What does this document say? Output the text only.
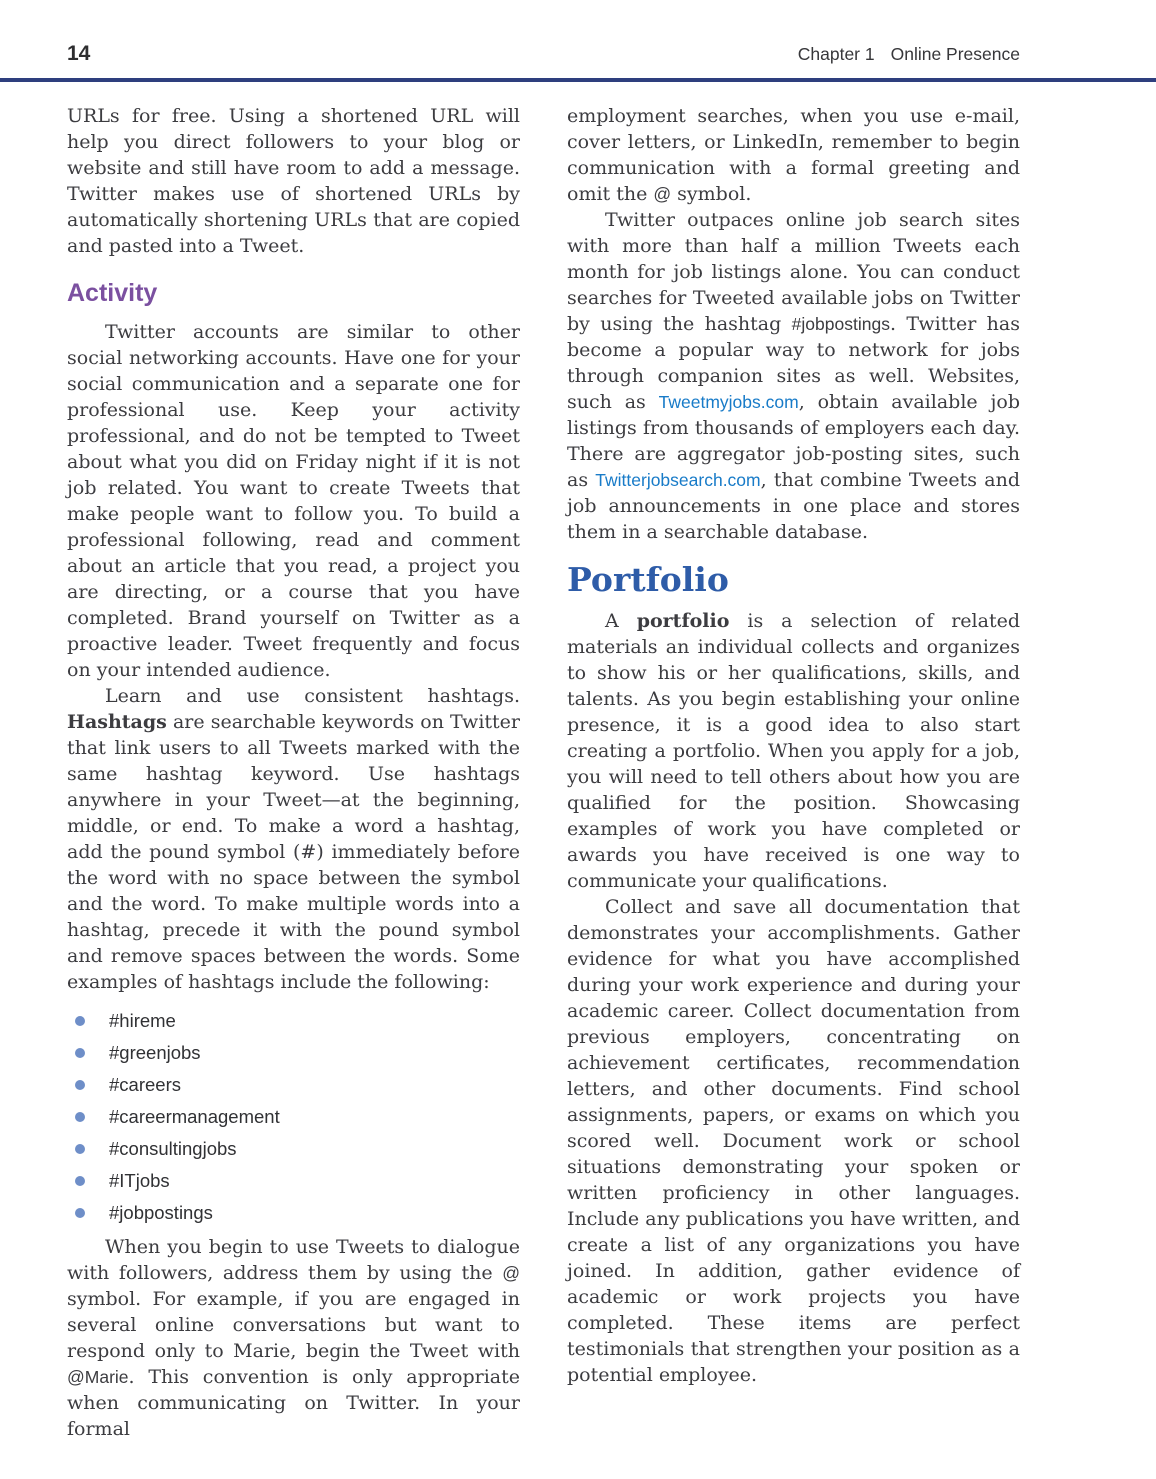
14	Chapter 1 Online Presence

URLs for free. Using a shortened URL will help you direct followers to your blog or website and still have room to add a message. Twitter makes use of shortened URLs by automatically shortening URLs that are copied and pasted into a Tweet.

Activity

Twitter accounts are similar to other social networking accounts. Have one for your social communication and a separate one for professional use. Keep your activity professional, and do not be tempted to Tweet about what you did on Friday night if it is not job related. You want to create Tweets that make people want to follow you. To build a professional following, read and comment about an article that you read, a project you are directing, or a course that you have completed. Brand yourself on Twitter as a proactive leader. Tweet frequently and focus on your intended audience.

Learn and use consistent hashtags. Hashtags are searchable keywords on Twitter that link users to all Tweets marked with the same hashtag keyword. Use hashtags anywhere in your Tweet—at the beginning, middle, or end. To make a word a hashtag, add the pound symbol (#) immediately before the word with no space between the symbol and the word. To make multiple words into a hashtag, precede it with the pound symbol and remove spaces between the words. Some examples of hashtags include the following:

#hireme
#greenjobs
#careers
#careermanagement
#consultingjobs
#ITjobs
#jobpostings

When you begin to use Tweets to dialogue with followers, address them by using the @ symbol. For example, if you are engaged in several online conversations but want to respond only to Marie, begin the Tweet with @Marie. This convention is only appropriate when communicating on Twitter. In your formal

employment searches, when you use e-mail, cover letters, or LinkedIn, remember to begin communication with a formal greeting and omit the @ symbol.

Twitter outpaces online job search sites with more than half a million Tweets each month for job listings alone. You can conduct searches for Tweeted available jobs on Twitter by using the hashtag #jobpostings. Twitter has become a popular way to network for jobs through companion sites as well. Websites, such as Tweetmyjobs.com, obtain available job listings from thousands of employers each day. There are aggregator job-posting sites, such as Twitterjobsearch.com, that combine Tweets and job announcements in one place and stores them in a searchable database.

Portfolio

A portfolio is a selection of related materials an individual collects and organizes to show his or her qualifications, skills, and talents. As you begin establishing your online presence, it is a good idea to also start creating a portfolio. When you apply for a job, you will need to tell others about how you are qualified for the position. Showcasing examples of work you have completed or awards you have received is one way to communicate your qualifications.

Collect and save all documentation that demonstrates your accomplishments. Gather evidence for what you have accomplished during your work experience and during your academic career. Collect documentation from previous employers, concentrating on achievement certificates, recommendation letters, and other documents. Find school assignments, papers, or exams on which you scored well. Document work or school situations demonstrating your spoken or written proficiency in other languages. Include any publications you have written, and create a list of any organizations you have joined. In addition, gather evidence of academic or work projects you have completed. These items are perfect testimonials that strengthen your position as a potential employee.
